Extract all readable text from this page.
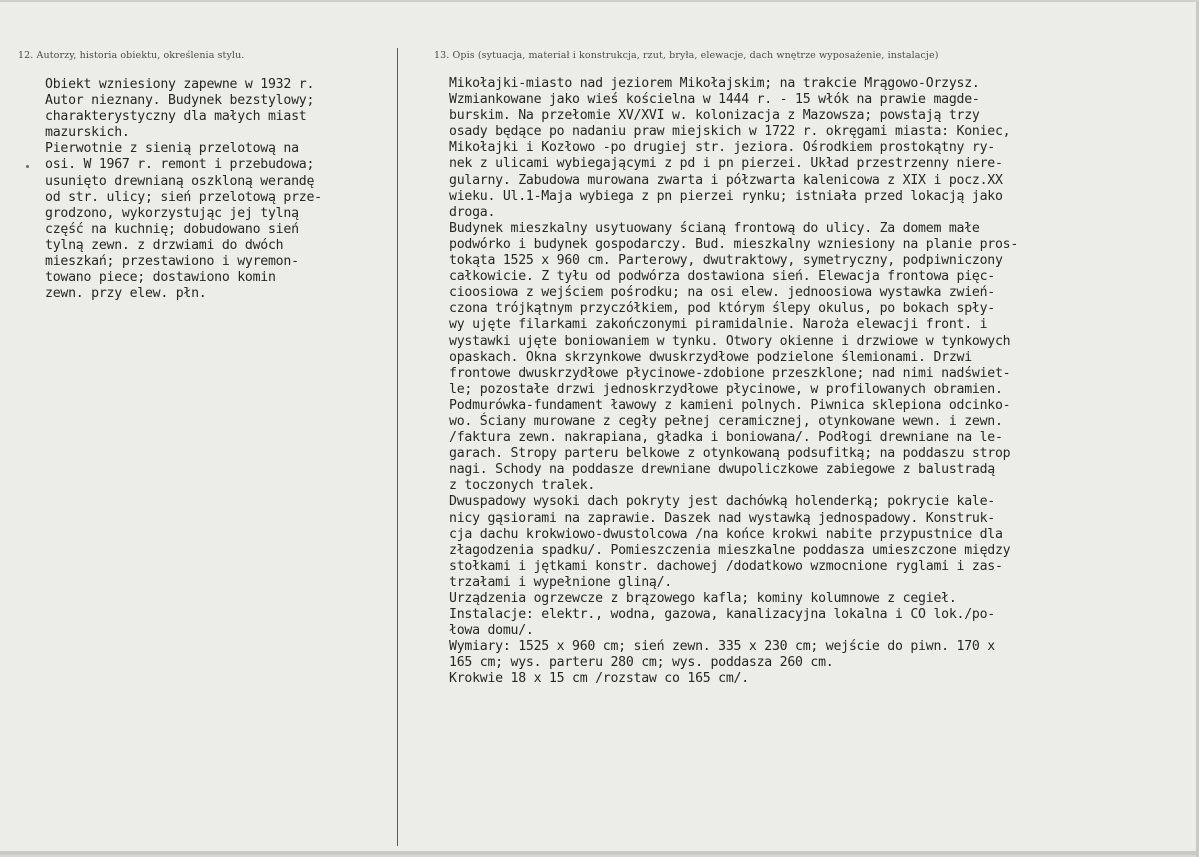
12. Autorzy, historia obiektu, określenia stylu.	13. Opis (sytuacja, materiał i konstrukcja, rzut, bryła, elewacje, dach wnętrze wyposażenie, instalacje)
Obiekt wzniesiony zapewne w 1932 r.
Autor nieznany. Budynek bezstylowy;
charakterystyczny dla małych miast
mazurskich.
Pierwotnie z sienią przelotową na
osi. W 1967 r. remont i przebudowa;
usunięto drewnianą oszkloną werandę
od str. ulicy; sień przelotową prze-
grodzono, wykorzystując jej tylną
część na kuchnię; dobudowano sień
tylną zewn. z drzwiami do dwóch
mieszkań; przestawiono i wyremon-
towano piece; dostawiono komin
zewn. przy elew. płn.
Mikołajki-miasto nad jeziorem Mikołajskim; na trakcie Mrągowo-Orzysz.
Wzmiankowane jako wieś kościelna w 1444 r. - 15 włók na prawie magde-
burskim. Na przełomie XV/XVI w. kolonizacja z Mazowsza; powstają trzy
osady będące po nadaniu praw miejskich w 1722 r. okręgami miasta: Koniec,
Mikołajki i Kozłowo -po drugiej str. jeziora. Ośrodkiem prostokątny ry-
nek z ulicami wybiegającymi z pd i pn pierzei. Układ przestrzenny niere-
gularny. Zabudowa murowana zwarta i półzwarta kalenicowa z XIX i pocz.XX
wieku. Ul.1-Maja wybiega z pn pierzei rynku; istniała przed lokacją jako
droga.
Budynek mieszkalny usytuowany ścianą frontową do ulicy. Za domem małe
podwórko i budynek gospodarczy. Bud. mieszkalny wzniesiony na planie pros-
tokąta 1525 x 960 cm. Parterowy, dwutraktowy, symetryczny, podpiwniczony
całkowicie. Z tyłu od podwórza dostawiona sień. Elewacja frontowa pięc-
cioosiowa z wejściem pośrodku; na osi elew. jednoosiowa wystawka zwień-
czona trójkątnym przyczółkiem, pod którym ślepy okulus, po bokach spły-
wy ujęte filarkami zakończonymi piramidalnie. Naroża elewacji front. i
wystawki ujęte boniowaniem w tynku. Otwory okienne i drzwiowe w tynkowych
opaskach. Okna skrzynkowe dwuskrzydłowe podzielone ślemionami. Drzwi
frontowe dwuskrzydłowe płycinowe-zdobione przeszklone; nad nimi nadświet-
le; pozostałe drzwi jednoskrzydłowe płycinowe, w profilowanych obramien.
Podmurówka-fundament ławowy z kamieni polnych. Piwnica sklepiona odcinko-
wo. Ściany murowane z cegły pełnej ceramicznej, otynkowane wewn. i zewn.
/faktura zewn. nakrapiana, gładka i boniowana/. Podłogi drewniane na le-
garach. Stropy parteru belkowe z otynkowaną podsufitką; na poddaszu strop
nagi. Schody na poddasze drewniane dwupoliczkowe zabiegowe z balustradą
z toczonych tralek.
Dwuspadowy wysoki dach pokryty jest dachówką holenderką; pokrycie kale-
nicy gąsiorami na zaprawie. Daszek nad wystawką jednospadowy. Konstruk-
cja dachu krokwiowo-dwustolcowa /na końce krokwi nabite przypustnice dla
złagodzenia spadku/. Pomieszczenia mieszkalne poddasza umieszczone między
stołkami i jętkami konstr. dachowej /dodatkowo wzmocnione ryglami i zas-
trzałami i wypełnione gliną/.
Urządzenia ogrzewcze z brązowego kafla; kominy kolumnowe z cegieł.
Instalacje: elektr., wodna, gazowa, kanalizacyjna lokalna i CO lok./po-
łowa domu/.
Wymiary: 1525 x 960 cm; sień zewn. 335 x 230 cm; wejście do piwn. 170 x
165 cm; wys. parteru 280 cm; wys. poddasza 260 cm.
Krokwie 18 x 15 cm /rozstaw co 165 cm/.
